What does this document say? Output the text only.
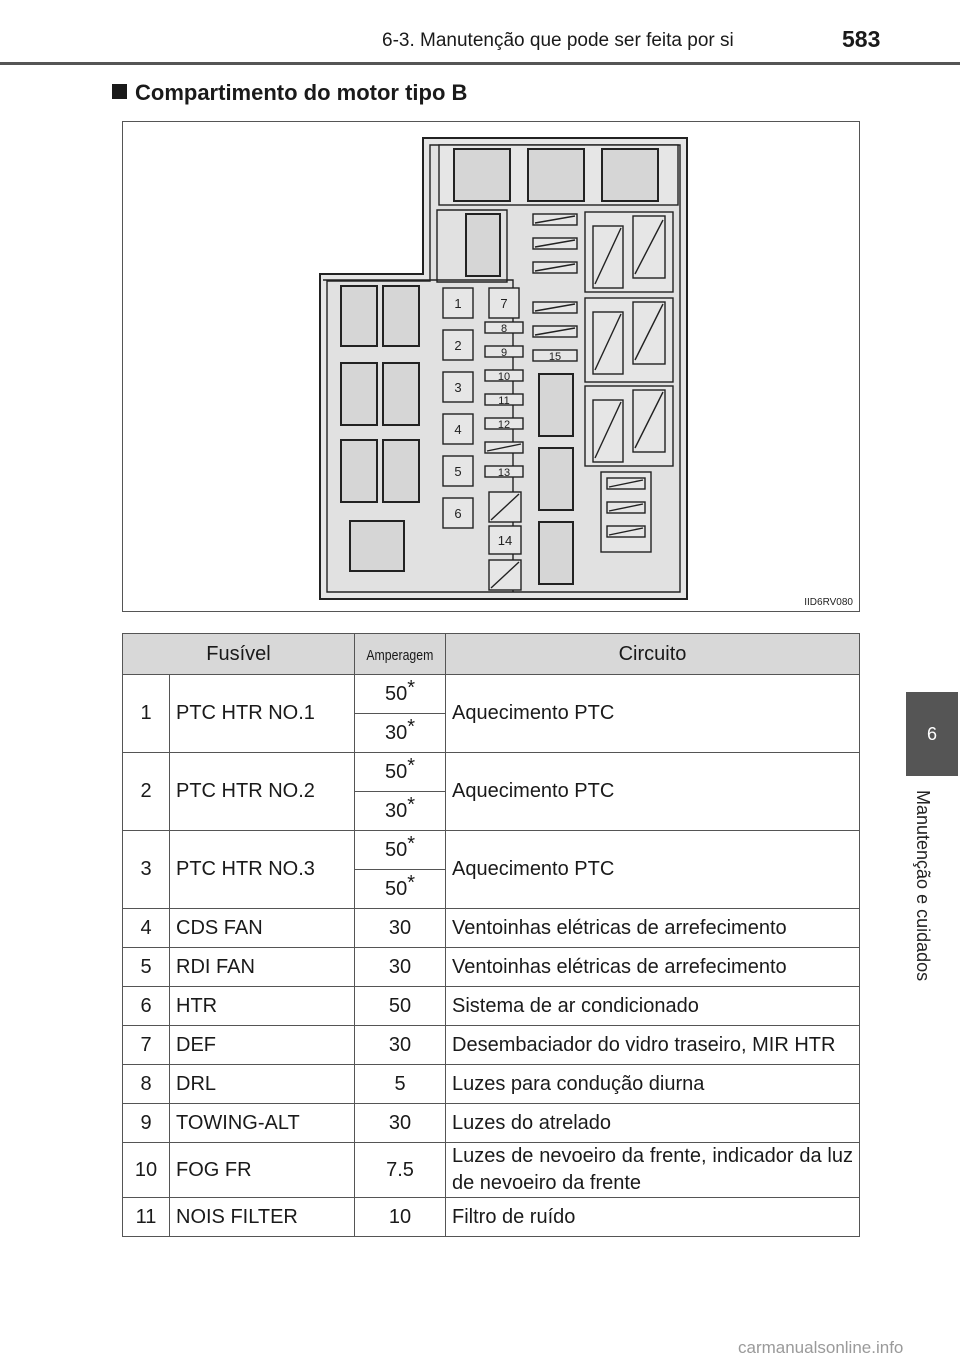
6-3. Manutenção que pode ser feita por si	583
Compartimento do motor tipo B
6
Manutenção e cuidados
1
2
3
4
5
6
7
8
9
10
11
12
13
14
15
IID6RV080
Fusível		Amperagem	Circuito
1	PTC HTR NO.1	50*	Aquecimento PTC
		30*
2	PTC HTR NO.2	50*	Aquecimento PTC
		30*
3	PTC HTR NO.3	50*	Aquecimento PTC
		50*
4	CDS FAN	30	Ventoinhas elétricas de arrefecimento
5	RDI FAN	30	Ventoinhas elétricas de arrefecimento
6	HTR	50	Sistema de ar condicionado
7	DEF	30	Desembaciador do vidro traseiro, MIR HTR
8	DRL	5	Luzes para condução diurna
9	TOWING-ALT	30	Luzes do atrelado
10	FOG FR	7.5	Luzes de nevoeiro da frente, indicador da luz de nevoeiro da frente
11	NOIS FILTER	10	Filtro de ruído
carmanualsonline.info
